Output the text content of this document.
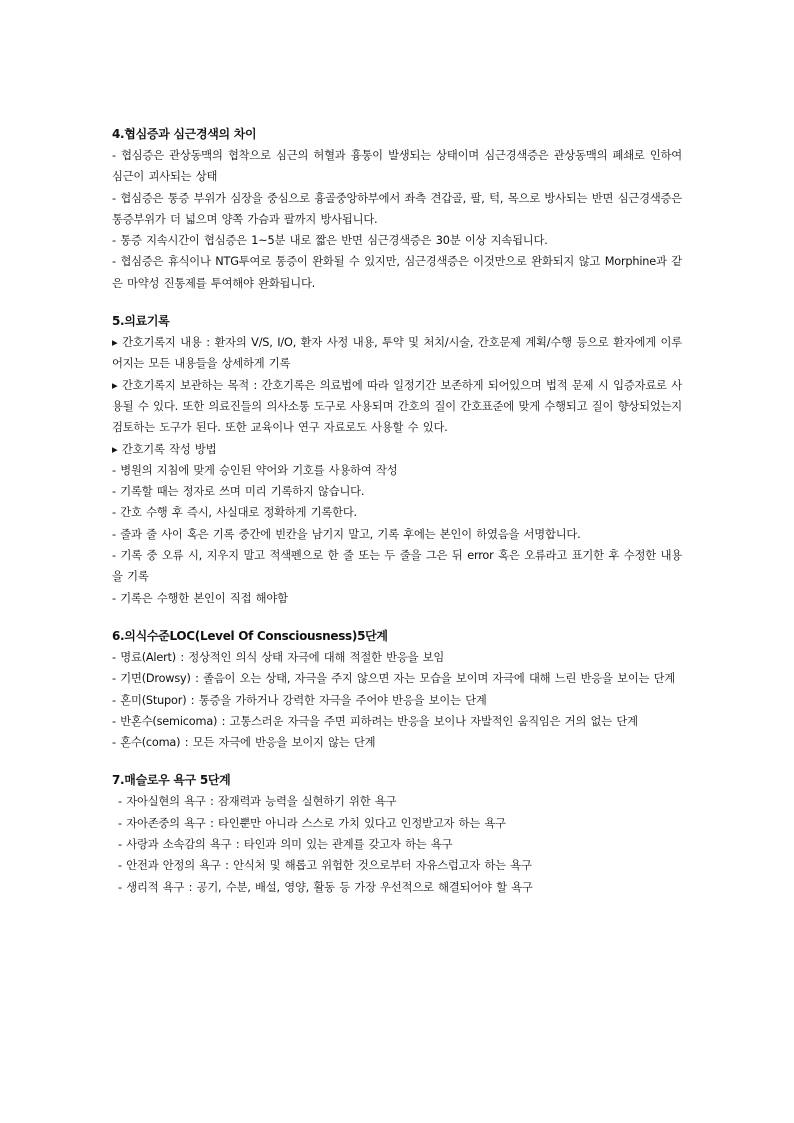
4.협심증과 심근경색의 차이
- 협심증은 관상동맥의 협착으로 심근의 허혈과 흉통이 발생되는 상태이며 심근경색증은 관상동맥의 폐쇄로 인하여 심근이 괴사되는 상태
- 협심증은 통증 부위가 심장을 중심으로 흉골중앙하부에서 좌측 견갑골, 팔, 턱, 목으로 방사되는 반면 심근경색증은 통증부위가 더 넓으며 양쪽 가슴과 팔까지 방사됩니다.
- 통증 지속시간이 협심증은 1~5분 내로 짧은 반면 심근경색증은 30분 이상 지속됩니다.
- 협심증은 휴식이나 NTG투여로 통증이 완화될 수 있지만, 심근경색증은 이것만으로 완화되지 않고 Morphine과 같은 마약성 진통제를 투여해야 완화됩니다.
5.의료기록
▸ 간호기록지 내용 : 환자의 V/S, I/O, 환자 사정 내용, 투약 및 처치/시술, 간호문제 계획/수행 등으로 환자에게 이루어지는 모든 내용들을 상세하게 기록
▸ 간호기록지 보관하는 목적 : 간호기록은 의료법에 따라 일정기간 보존하게 되어있으며 법적 문제 시 입증자료로 사용될 수 있다. 또한 의료진들의 의사소통 도구로 사용되며 간호의 질이 간호표준에 맞게 수행되고 질이 향상되었는지 검토하는 도구가 된다. 또한 교육이나 연구 자료로도 사용할 수 있다.
▸ 간호기록 작성 방법
- 병원의 지침에 맞게 승인된 약어와 기호를 사용하여 작성
- 기록할 때는 정자로 쓰며 미리 기록하지 않습니다.
- 간호 수행 후 즉시, 사실대로 정확하게 기록한다.
- 줄과 줄 사이 혹은 기록 중간에 빈칸을 남기지 말고, 기록 후에는 본인이 하였음을 서명합니다.
- 기록 중 오류 시, 지우지 말고 적색펜으로 한 줄 또는 두 줄을 그은 뒤 error 혹은 오류라고 표기한 후 수정한 내용을 기록
- 기록은 수행한 본인이 직접 해야함
6.의식수준LOC(Level Of Consciousness)5단계
- 명료(Alert) : 정상적인 의식 상태 자극에 대해 적절한 반응을 보임
- 기면(Drowsy) : 졸음이 오는 상태, 자극을 주지 않으면 자는 모습을 보이며 자극에 대해 느린 반응을 보이는 단계
- 혼미(Stupor) : 통증을 가하거나 강력한 자극을 주어야 반응을 보이는 단계
- 반혼수(semicoma) : 고통스러운 자극을 주면 피하려는 반응을 보이나 자발적인 움직임은 거의 없는 단계
- 혼수(coma) : 모든 자극에 반응을 보이지 않는 단계
7.매슬로우 욕구 5단계
- 자아실현의 욕구 : 잠재력과 능력을 실현하기 위한 욕구
- 자아존중의 욕구 : 타인뿐만 아니라 스스로 가치 있다고 인정받고자 하는 욕구
- 사랑과 소속감의 욕구 : 타인과 의미 있는 관계를 갖고자 하는 욕구
- 안전과 안정의 욕구 : 안식처 및 해롭고 위험한 것으로부터 자유스럽고자 하는 욕구
- 생리적 욕구 : 공기, 수분, 배설, 영양, 활동 등 가장 우선적으로 해결되어야 할 욕구
